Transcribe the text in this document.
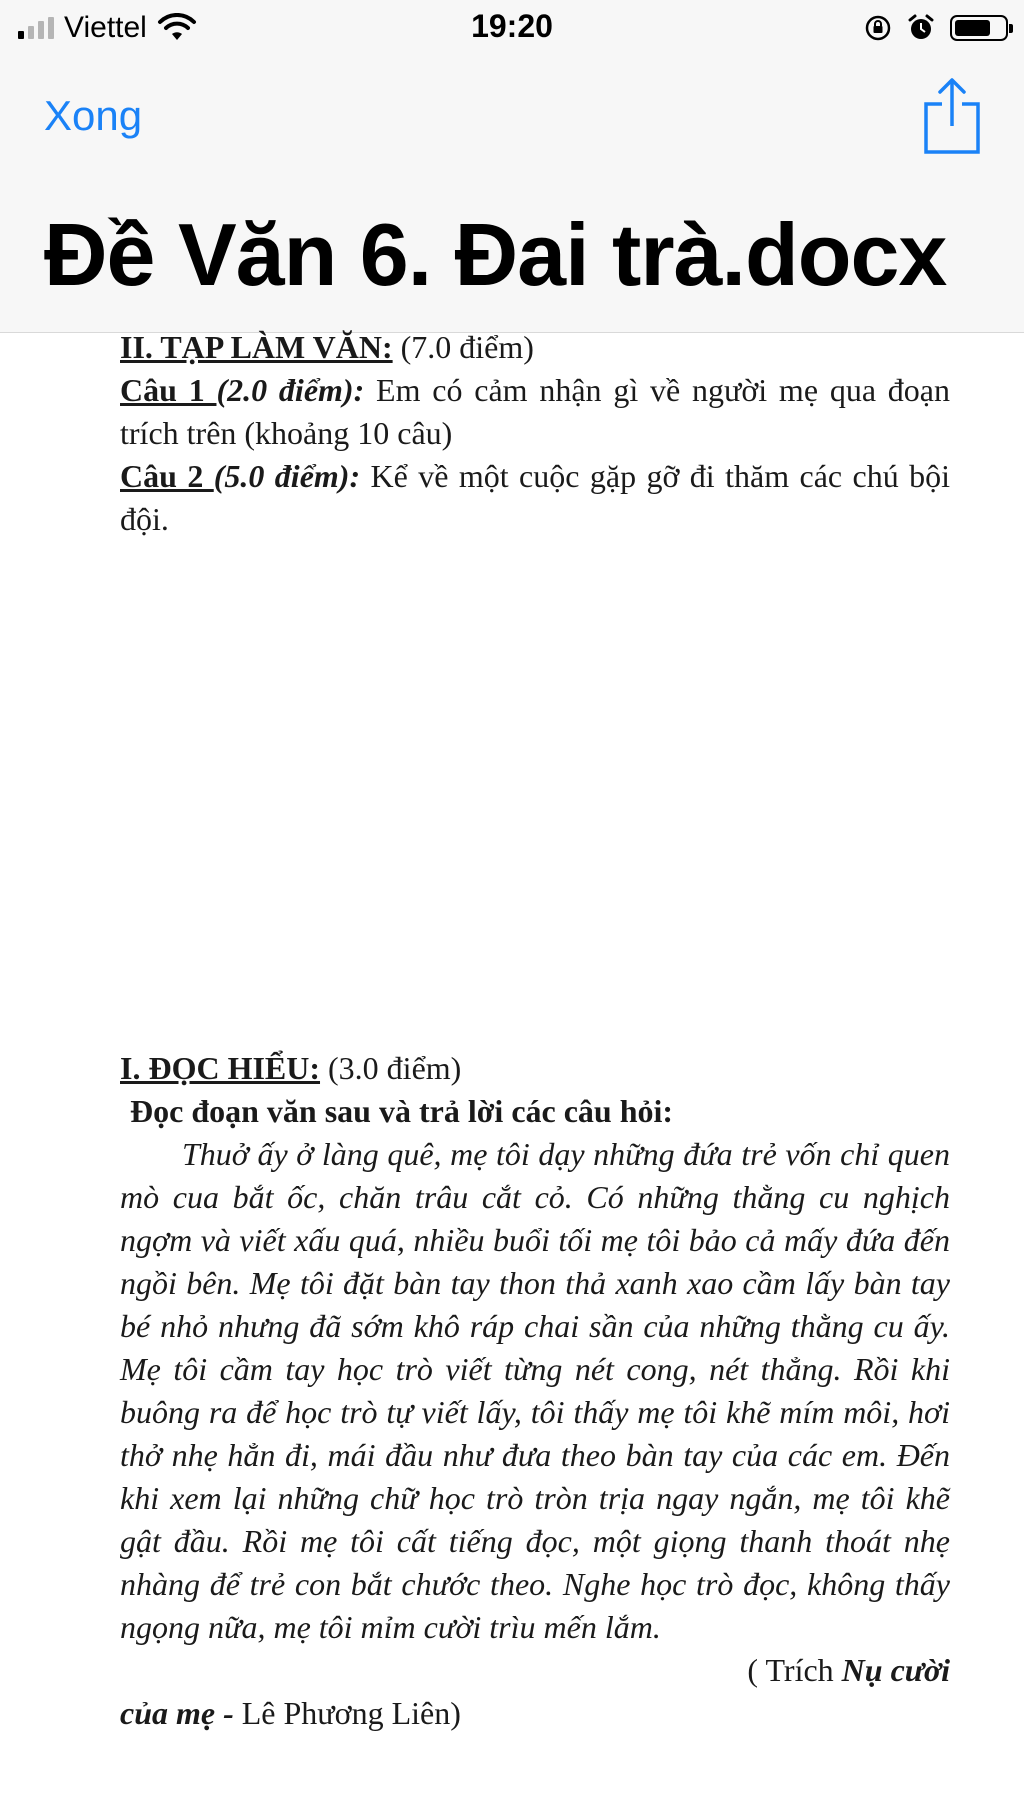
Viettel	19:20
Xong
Đề Văn 6. Đai trà.docx

II. TẠP LÀM VĂN: (7.0 điểm)

Câu 1 (2.0 điểm): Em có cảm nhận gì về người mẹ qua đoạn trích trên (khoảng 10 câu)

Câu 2 (5.0 điểm): Kể về một cuộc gặp gỡ đi thăm các chú bội đội.

I. ĐỌC HIỂU: (3.0 điểm)

Đọc đoạn văn sau và trả lời các câu hỏi:

Thuở ấy ở làng quê, mẹ tôi dạy những đứa trẻ vốn chỉ quen mò cua bắt ốc, chăn trâu cắt cỏ. Có những thằng cu nghịch ngợm và viết xấu quá, nhiều buổi tối mẹ tôi bảo cả mấy đứa đến ngồi bên. Mẹ tôi đặt bàn tay thon thả xanh xao cầm lấy bàn tay bé nhỏ nhưng đã sớm khô ráp chai sần của những thằng cu ấy. Mẹ tôi cầm tay học trò viết từng nét cong, nét thẳng. Rồi khi buông ra để học trò tự viết lấy, tôi thấy mẹ tôi khẽ mím môi, hơi thở nhẹ hẳn đi, mái đầu như đưa theo bàn tay của các em. Đến khi xem lại những chữ học trò tròn trịa ngay ngắn, mẹ tôi khẽ gật đầu. Rồi mẹ tôi cất tiếng đọc, một giọng thanh thoát nhẹ nhàng để trẻ con bắt chước theo. Nghe học trò đọc, không thấy ngọng nữa, mẹ tôi mỉm cười trìu mến lắm.

( Trích Nụ cười

của mẹ - Lê Phương Liên)
